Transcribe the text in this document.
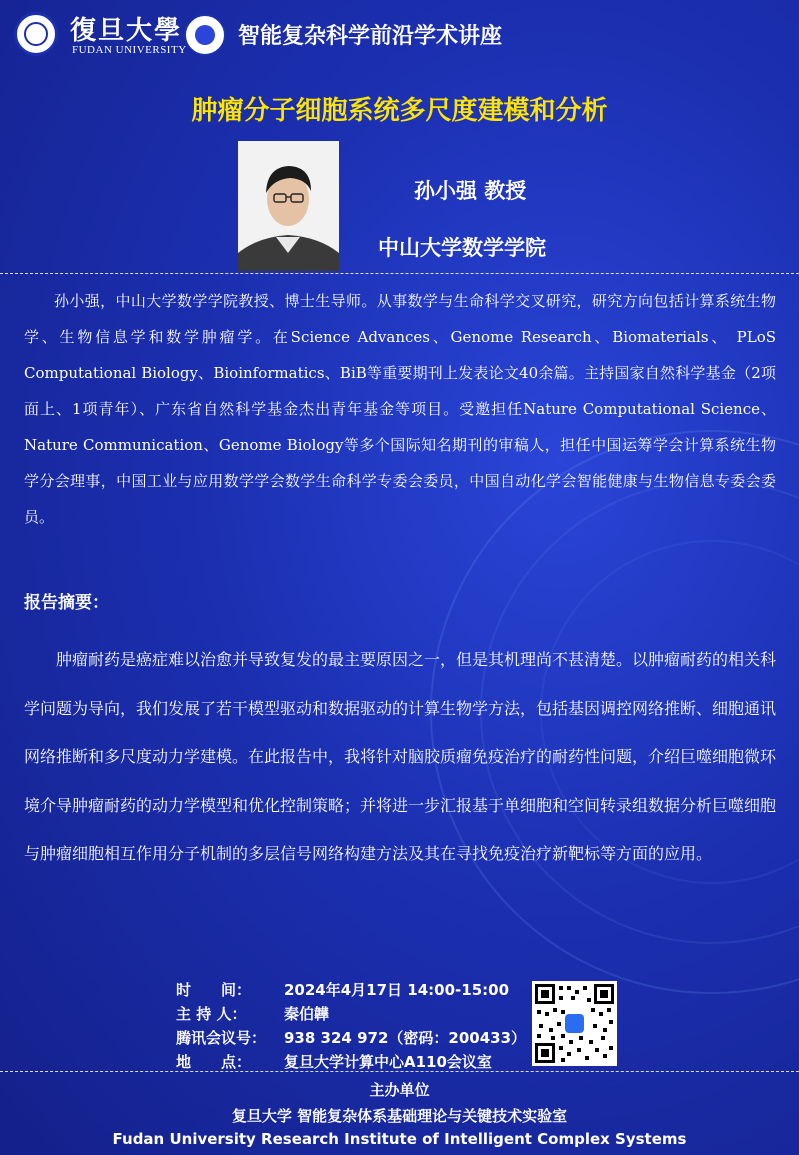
復旦大學
FUDAN UNIVERSITY
智能复杂科学前沿学术讲座
肿瘤分子细胞系统多尺度建模和分析
孙小强 教授
中山大学数学学院
孙小强，中山大学数学学院教授、博士生导师。从事数学与生命科学交叉研究，研究方向包括计算系统生物学、生物信息学和数学肿瘤学。在Science Advances、Genome Research、Biomaterials、 PLoS Computational Biology、Bioinformatics、BiB等重要期刊上发表论文40余篇。主持国家自然科学基金（2项面上、1项青年）、广东省自然科学基金杰出青年基金等项目。受邀担任Nature Computational Science、Nature Communication、Genome Biology等多个国际知名期刊的审稿人，担任中国运筹学会计算系统生物学分会理事，中国工业与应用数学学会数学生命科学专委会委员，中国自动化学会智能健康与生物信息专委会委员。
报告摘要：
肿瘤耐药是癌症难以治愈并导致复发的最主要原因之一，但是其机理尚不甚清楚。以肿瘤耐药的相关科学问题为导向，我们发展了若干模型驱动和数据驱动的计算生物学方法，包括基因调控网络推断、细胞通讯网络推断和多尺度动力学建模。在此报告中，我将针对脑胶质瘤免疫治疗的耐药性问题，介绍巨噬细胞微环境介导肿瘤耐药的动力学模型和优化控制策略；并将进一步汇报基于单细胞和空间转录组数据分析巨噬细胞与肿瘤细胞相互作用分子机制的多层信号网络构建方法及其在寻找免疫治疗新靶标等方面的应用。
时　　间： 2024年4月17日 14:00-15:00
主 持 人：	秦伯韡
腾讯会议号： 938 324 972（密码：200433）
地　　点： 复旦大学计算中心A110会议室
主办单位
复旦大学 智能复杂体系基础理论与关键技术实验室
Fudan University Research Institute of Intelligent Complex Systems
